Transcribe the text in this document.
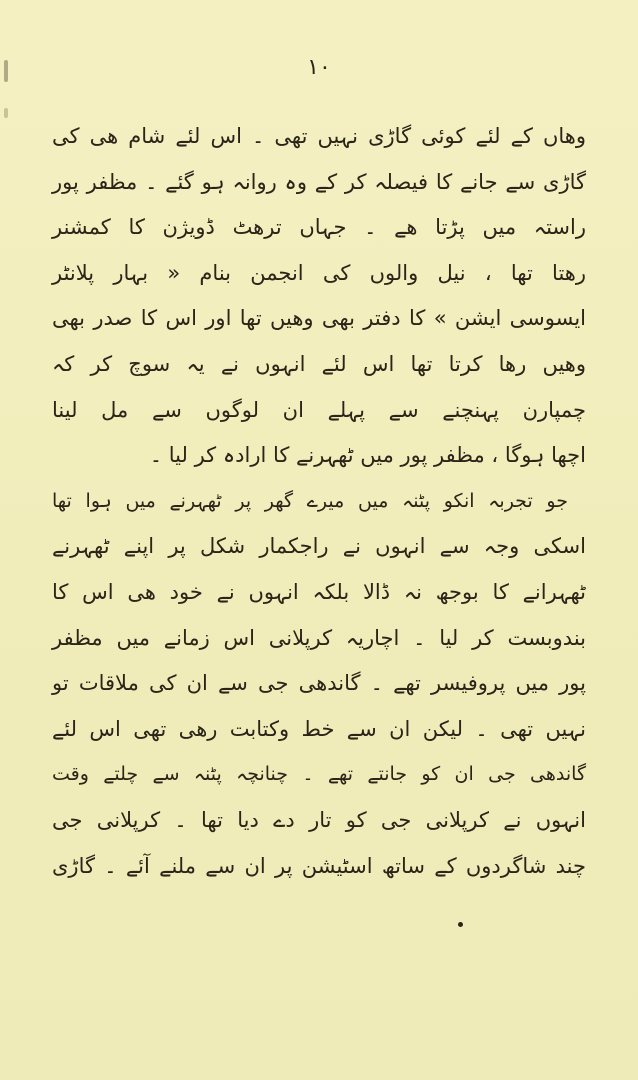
١٠
وھاں کے لئے کوئی گاڑی نہیں تھی ۔ اس لئے شام ھی کی
گاڑی سے جانے کا فیصلہ کر کے وہ روانہ ہو گئے ۔ مظفر پور
راستہ میں پڑتا ھے ۔ جہاں ترھٹ ڈویژن کا کمشنر
رھتا تھا ، نیل والوں کی انجمن بنام « بہار پلانٹر
ایسوسی ایشن » کا دفتر بھی وھیں تھا اور اس کا صدر بھی
وھیں رھا کرتا تھا اس لئے انہوں نے یہ سوچ کر کہ
چمپارن پہنچنے سے پہلے ان لوگوں سے مل لینا
اچھا ہوگا ، مظفر پور میں ٹھہرنے کا ارادہ کر لیا ۔
جو تجربہ انکو پٹنہ میں میرے گھر پر ٹھہرنے میں ہوا تھا
اسکی وجہ سے انہوں نے راجکمار شکل پر اپنے ٹھہرنے
ٹھہرانے کا بوجھ نہ ڈالا بلکہ انہوں نے خود ھی اس کا
بندوبست کر لیا ۔ اچاریہ کرپلانی اس زمانے میں مظفر
پور میں پروفیسر تھے ۔ گاندھی جی سے ان کی ملاقات تو
نہیں تھی ۔ لیکن ان سے خط وکتابت رھی تھی اس لئے
گاندھی جی ان کو جانتے تھے ۔ چنانچہ پٹنہ سے چلتے وقت
انہوں نے کرپلانی جی کو تار دے دیا تھا ۔ کرپلانی جی
چند شاگردوں کے ساتھ اسٹیشن پر ان سے ملنے آئے ۔ گاڑی
